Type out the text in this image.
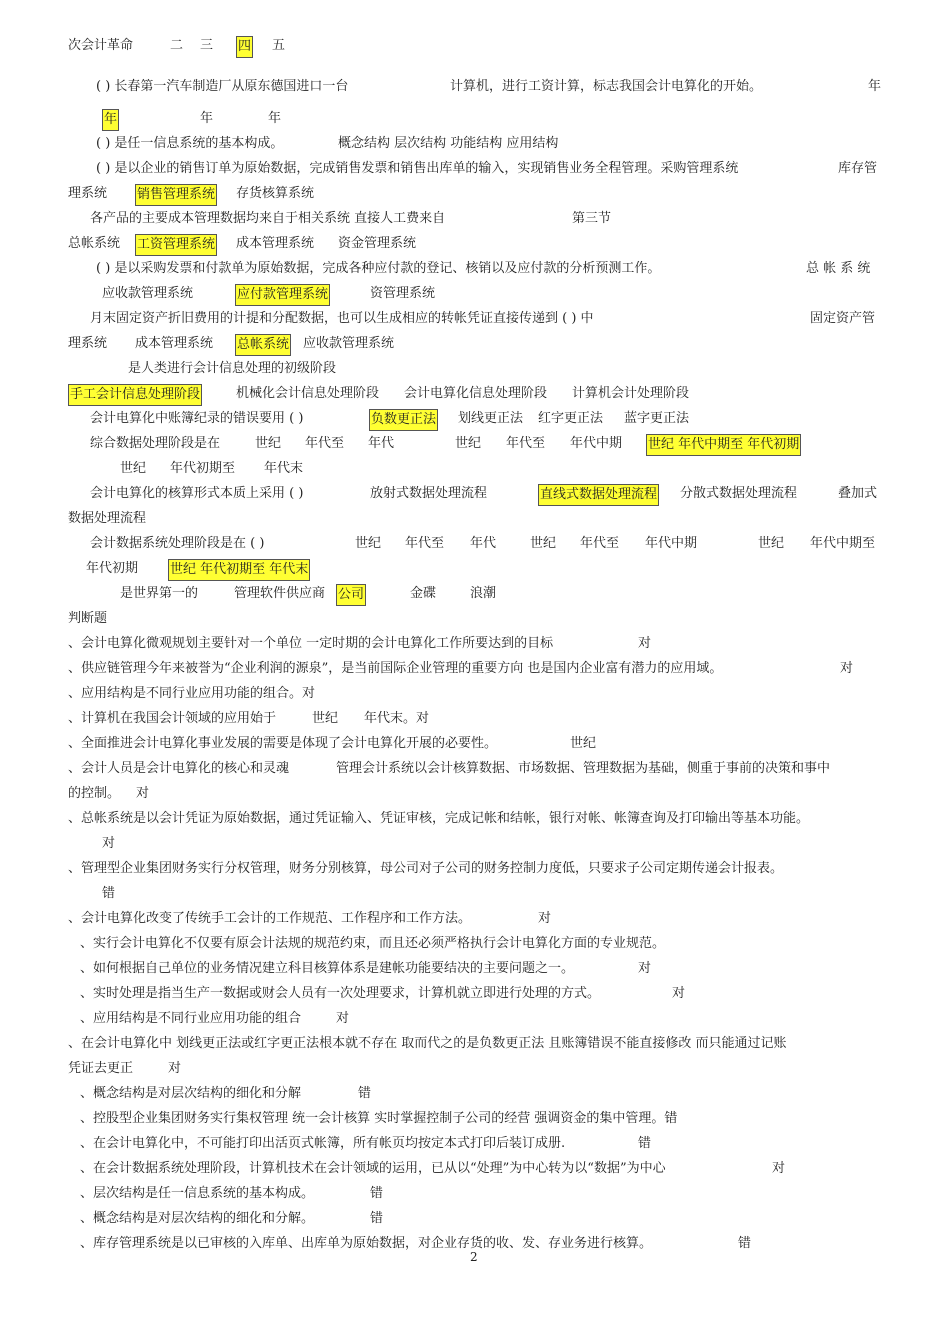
次会计革命	二 三 四 五
( ) 长春第一汽车制造厂从原东德国进口一台	计算机，进行工资计算，标志我国会计电算化的开始。	年
年	年	年
( ) 是任一信息系统的基本构成。	概念结构 层次结构 功能结构 应用结构
( ) 是以企业的销售订单为原始数据，完成销售发票和销售出库单的输入，实现销售业务全程管理。采购管理系统	库存管
理系统 销售管理系统 存货核算系统
各产品的主要成本管理数据均来自于相关系统 直接人工费来自	第三节
总帐系统 工资管理系统 成本管理系统 资金管理系统
( ) 是以采购发票和付款单为原始数据，完成各种应付款的登记、核销以及应付款的分析预测工作。	总 帐 系 统
应收款管理系统	应付款管理系统	资管理系统
月末固定资产折旧费用的计提和分配数据，也可以生成相应的转帐凭证直接传递到 ( ) 中	固定资产管
理系统 成本管理系统 总帐系统 应收款管理系统
是人类进行会计信息处理的初级阶段
手工会计信息处理阶段	机械化会计信息处理阶段 会计电算化信息处理阶段 计算机会计处理阶段
会计电算化中账簿纪录的错误要用 ( )	负数更正法 划线更正法 红字更正法 蓝字更正法
综合数据处理阶段是在	世纪 年代至 年代	世纪 年代至 年代中期 世纪 年代中期至 年代初期
世纪 年代初期至 年代末
会计电算化的核算形式本质上采用 ( )	放射式数据处理流程	直线式数据处理流程 分散式数据处理流程	叠加式
数据处理流程
会计数据系统处理阶段是在 ( )	世纪 年代至 年代	世纪 年代至 年代中期	世纪 年代中期至
年代初期 世纪 年代初期至 年代末
是世界第一的	管理软件供应商 公司	金碟	浪潮
判断题
、会计电算化微观规划主要针对一个单位 一定时期的会计电算化工作所要达到的目标	对
、供应链管理今年来被誉为“企业利润的源泉”，是当前国际企业管理的重要方向 也是国内企业富有潜力的应用域。	对
、应用结构是不同行业应用功能的组合。对
、计算机在我国会计领域的应用始于	世纪 年代末。对
、全面推进会计电算化事业发展的需要是体现了会计电算化开展的必要性。	世纪
、会计人员是会计电算化的核心和灵魂	管理会计系统以会计核算数据、市场数据、管理数据为基础，侧重于事前的决策和事中
的控制。 对
、总帐系统是以会计凭证为原始数据，通过凭证输入、凭证审核，完成记帐和结帐，银行对帐、帐簿查询及打印输出等基本功能。
对
、管理型企业集团财务实行分权管理，财务分别核算，母公司对子公司的财务控制力度低，只要求子公司定期传递会计报表。
错
、会计电算化改变了传统手工会计的工作规范、工作程序和工作方法。	对
、实行会计电算化不仅要有原会计法规的规范约束，而且还必须严格执行会计电算化方面的专业规范。
、如何根据自己单位的业务情况建立科目核算体系是建帐功能要结决的主要问题之一。	对
、实时处理是指当生产一数据或财会人员有一次处理要求，计算机就立即进行处理的方式。	对
、应用结构是不同行业应用功能的组合	对
、在会计电算化中 划线更正法或红字更正法根本就不存在 取而代之的是负数更正法 且账簿错误不能直接修改 而只能通过记账
凭证去更正	对
、概念结构是对层次结构的细化和分解	错
、控股型企业集团财务实行集权管理 统一会计核算 实时掌握控制子公司的经营 强调资金的集中管理。错
、在会计电算化中，不可能打印出活页式帐簿，所有帐页均按定本式打印后装订成册.	错
、在会计数据系统处理阶段，计算机技术在会计领域的运用，已从以“处理”为中心转为以“数据”为中心	对
、层次结构是任一信息系统的基本构成。	错
、概念结构是对层次结构的细化和分解。	错
、库存管理系统是以已审核的入库单、出库单为原始数据，对企业存货的收、发、存业务进行核算。	错
2
